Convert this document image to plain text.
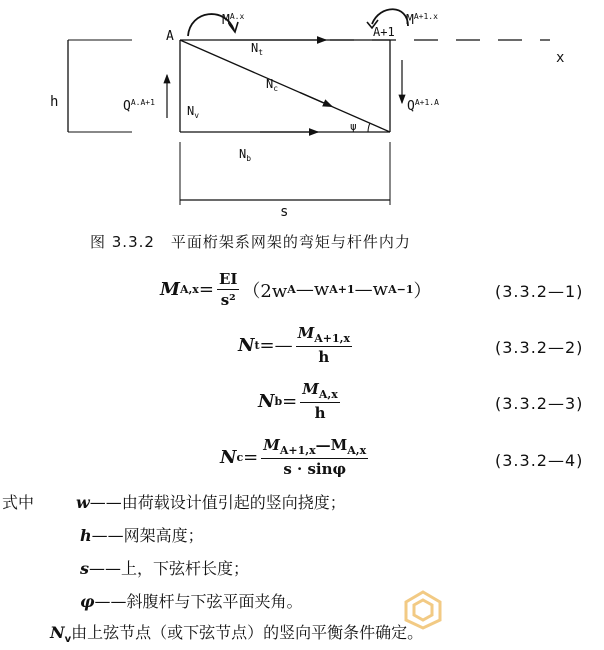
h
x
ψ
A	A+1
$M^{A.x}$	$M^{A+1.x}$
$N_t$
$N_c$
$N_v$
$N_b$
$Q^{A.A+1}$	$Q^{A+1.A}$
s
图 3.3.2　平面桁架系网架的弯矩与杆件内力
M $A,x = \frac{EI}{\text{s²}} (2w$ A —w A+1 —w A−1 ）	(3.3.2—1)
N t =— $\frac{M_{A+1,x}}{h}$	(3.3.2—2)
N $b = \frac{M_{A,x}}{h}$	(3.3.2—3)
N $c = \frac{M_{A+1,x}—M_{A,x}}{s \cdot \sin\varphi}$	(3.3.2—4)
式中	w——由荷载设计值引起的竖向挠度；
h——网架高度；
s——上，下弦杆长度；
φ——斜腹杆与下弦平面夹角。
$N_v$由上弦节点（或下弦节点）的竖向平衡条件确定。
